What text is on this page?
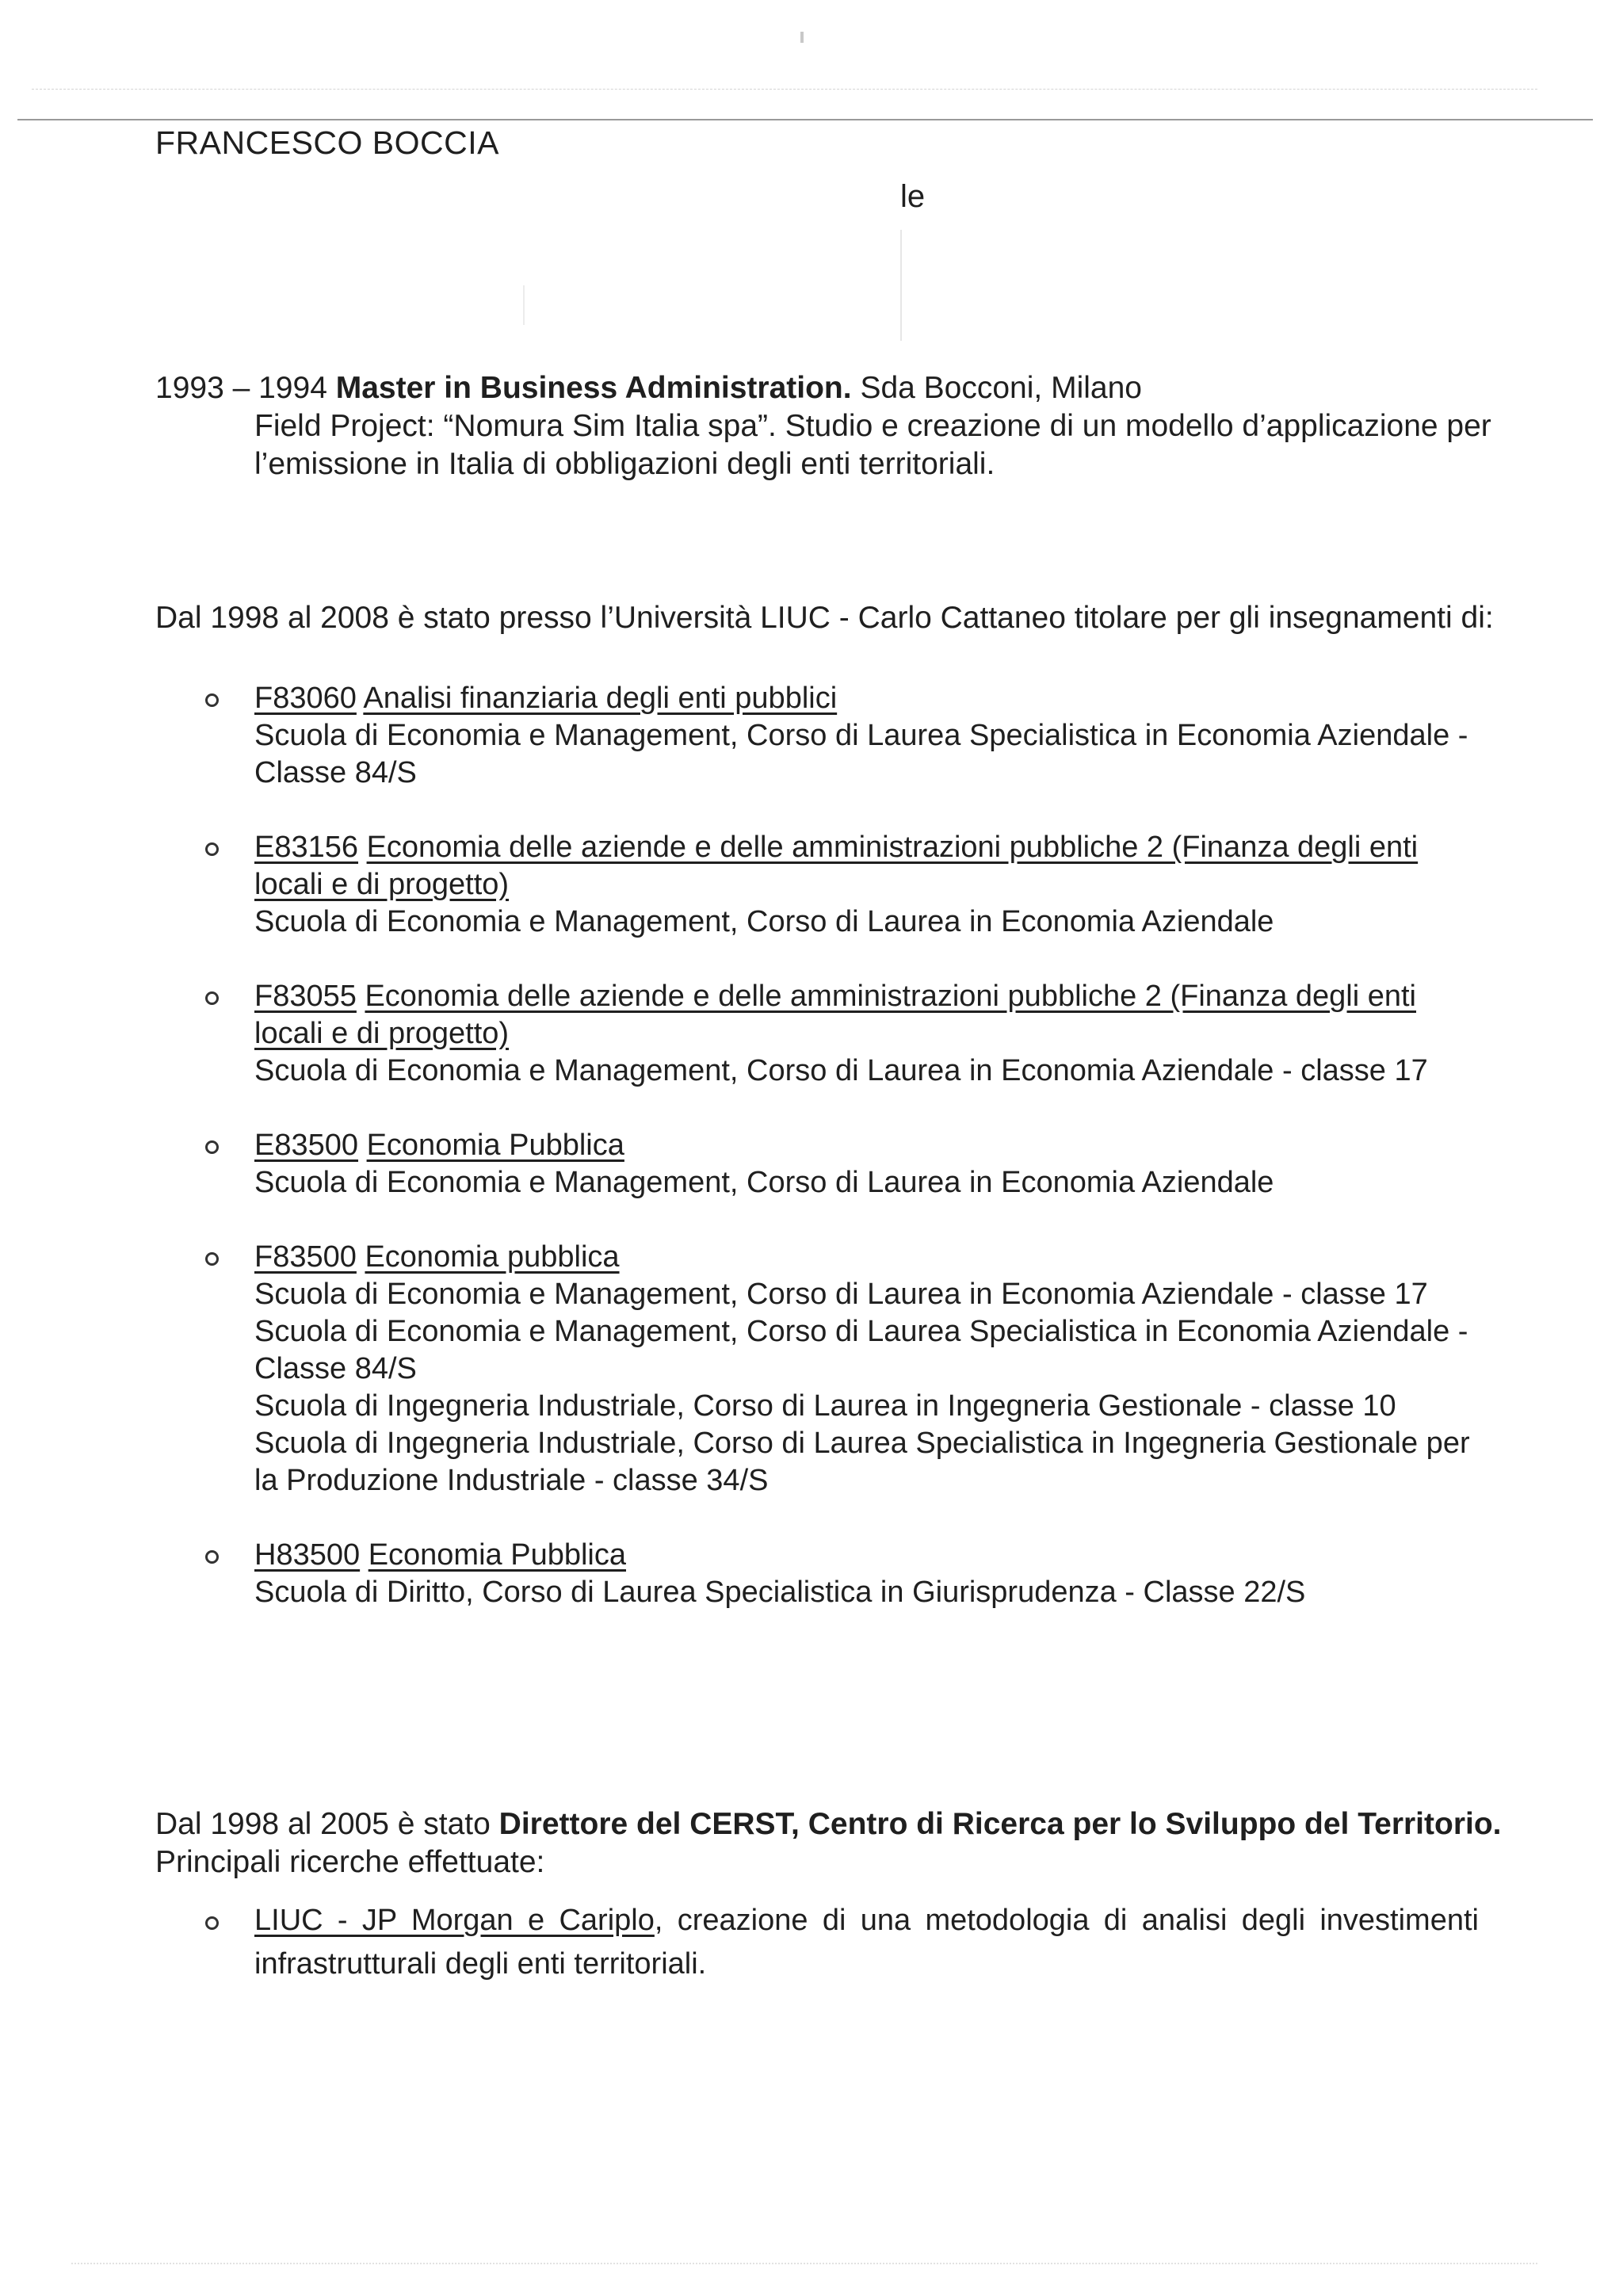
FRANCESCO BOCCIA
le
1993 – 1994 Master in Business Administration. Sda Bocconi, Milano
Field Project: “Nomura Sim Italia spa”. Studio e creazione di un modello d’applicazione per
l’emissione in Italia di obbligazioni degli enti territoriali.
Dal 1998 al 2008 è stato presso l’Università LIUC - Carlo Cattaneo titolare per gli insegnamenti di:
F83060 Analisi finanziaria degli enti pubblici
Scuola di Economia e Management, Corso di Laurea Specialistica in Economia Aziendale -
Classe 84/S
E83156 Economia delle aziende e delle amministrazioni pubbliche 2 (Finanza degli enti
locali e di progetto)
Scuola di Economia e Management, Corso di Laurea in Economia Aziendale
F83055 Economia delle aziende e delle amministrazioni pubbliche 2 (Finanza degli enti
locali e di progetto)
Scuola di Economia e Management, Corso di Laurea in Economia Aziendale - classe 17
E83500 Economia Pubblica
Scuola di Economia e Management, Corso di Laurea in Economia Aziendale
F83500 Economia pubblica
Scuola di Economia e Management, Corso di Laurea in Economia Aziendale - classe 17
Scuola di Economia e Management, Corso di Laurea Specialistica in Economia Aziendale -
Classe 84/S
Scuola di Ingegneria Industriale, Corso di Laurea in Ingegneria Gestionale - classe 10
Scuola di Ingegneria Industriale, Corso di Laurea Specialistica in Ingegneria Gestionale per
la Produzione Industriale - classe 34/S
H83500 Economia Pubblica
Scuola di Diritto, Corso di Laurea Specialistica in Giurisprudenza - Classe 22/S
Dal 1998 al 2005 è stato Direttore del CERST, Centro di Ricerca per lo Sviluppo del Territorio.
Principali ricerche effettuate:
LIUC - JP Morgan e Cariplo, creazione di una metodologia di analisi degli investimenti
infrastrutturali degli enti territoriali.
